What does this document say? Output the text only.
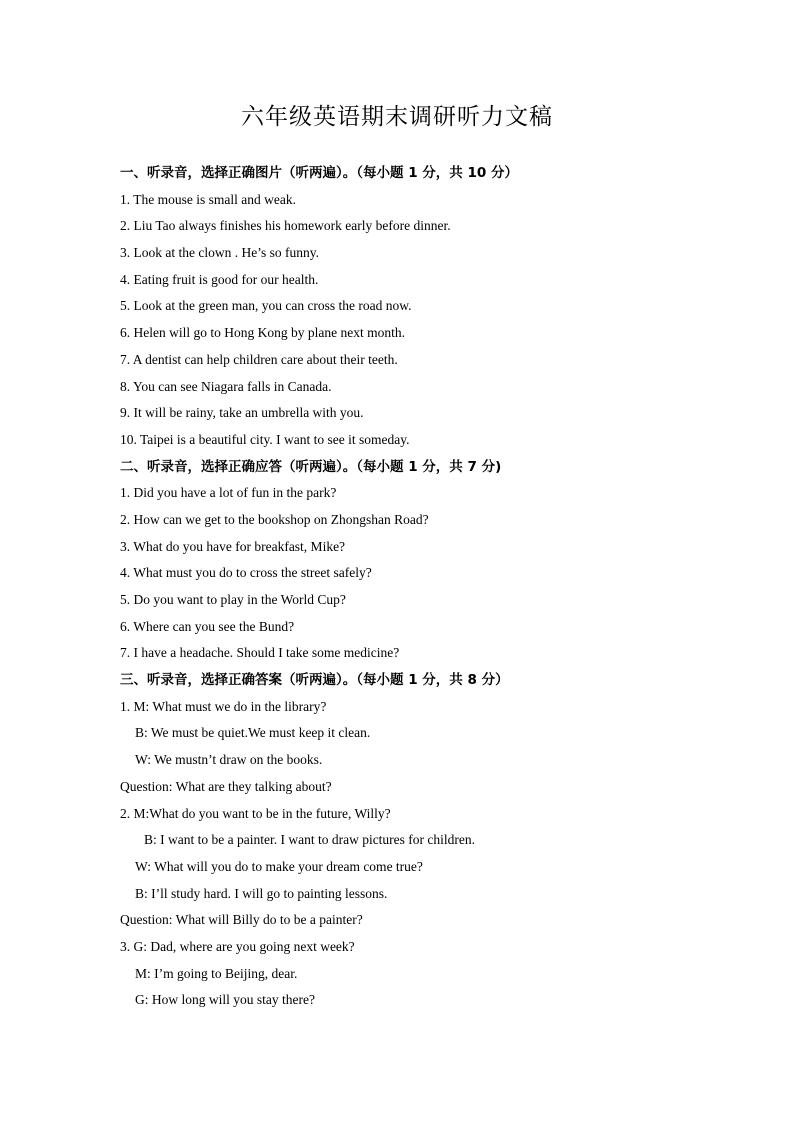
六年级英语期末调研听力文稿
一、听录音，选择正确图片（听两遍）。（每小题 1 分，共 10 分）
1. The mouse is small and weak.
2. Liu Tao always finishes his homework early before dinner.
3. Look at the clown . He’s so funny.
4. Eating fruit is good for our health.
5. Look at the green man, you can cross the road now.
6. Helen will go to Hong Kong by plane next month.
7. A dentist can help children care about their teeth.
8. You can see Niagara falls in Canada.
9. It will be rainy, take an umbrella with you.
10. Taipei is a beautiful city. I want to see it someday.
二、听录音，选择正确应答（听两遍）。（每小题 1 分，共 7 分)
1. Did you have a lot of fun in the park?
2. How can we get to the bookshop on Zhongshan Road?
3. What do you have for breakfast, Mike?
4. What must you do to cross the street safely?
5. Do you want to play in the World Cup?
6. Where can you see the Bund?
7. I have a headache. Should I take some medicine?
三、听录音，选择正确答案（听两遍）。（每小题 1 分，共 8 分）
1. M: What must we do in the library?
B: We must be quiet.We must keep it clean.
W: We mustn’t draw on the books.
Question: What are they talking about?
2. M:What do you want to be in the future, Willy?
B: I want to be a painter. I want to draw pictures for children.
W: What will you do to make your dream come true?
B: I’ll study hard. I will go to painting lessons.
Question: What will Billy do to be a painter?
3. G: Dad, where are you going next week?
M: I’m going to Beijing, dear.
G: How long will you stay there?
